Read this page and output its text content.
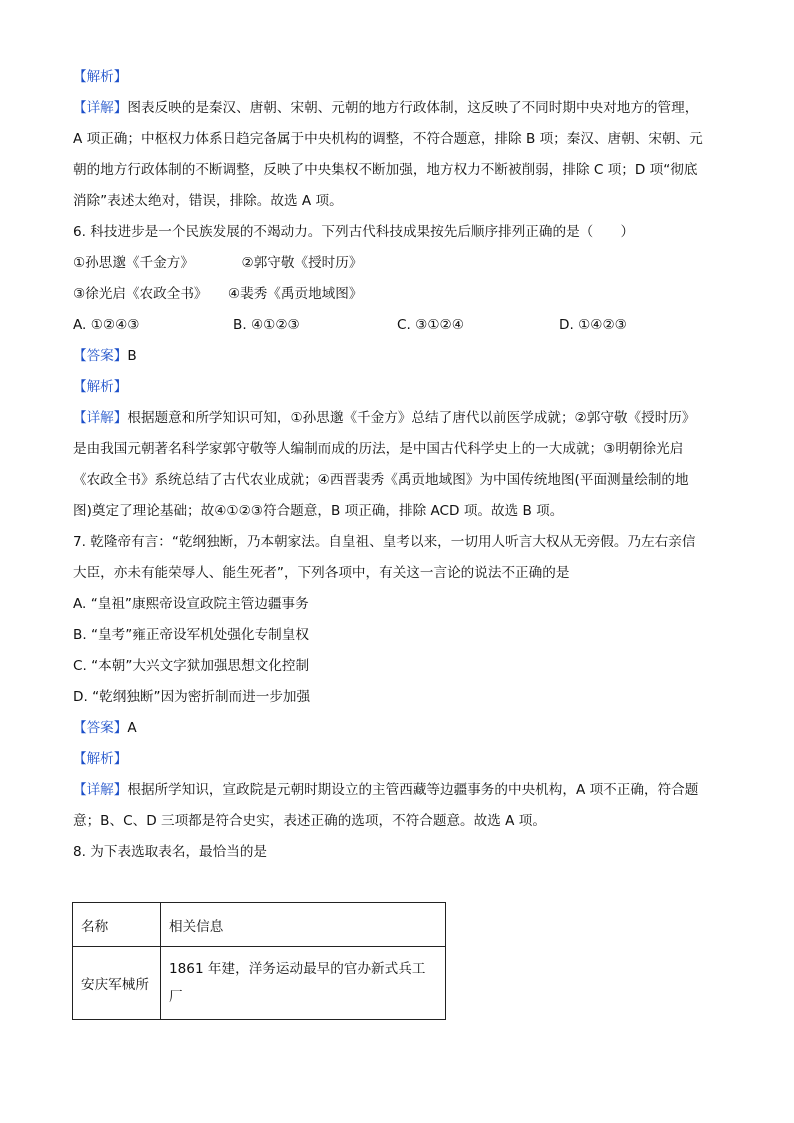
【解析】
【详解】图表反映的是秦汉、唐朝、宋朝、元朝的地方行政体制，这反映了不同时期中央对地方的管理，
A 项正确；中枢权力体系日趋完备属于中央机构的调整，不符合题意，排除 B 项；秦汉、唐朝、宋朝、元
朝的地方行政体制的不断调整，反映了中央集权不断加强，地方权力不断被削弱，排除 C 项；D 项“彻底
消除”表述太绝对，错误，排除。故选 A 项。
6. 科技进步是一个民族发展的不竭动力。下列古代科技成果按先后顺序排列正确的是（　　）
①孙思邈《千金方》　　　　②郭守敬《授时历》
③徐光启《农政全书》　　④裴秀《禹贡地域图》
A. ①②④③	B. ④①②③	C. ③①②④	D. ①④②③
【答案】B
【解析】
【详解】根据题意和所学知识可知，①孙思邈《千金方》总结了唐代以前医学成就；②郭守敬《授时历》
是由我国元朝著名科学家郭守敬等人编制而成的历法，是中国古代科学史上的一大成就；③明朝徐光启
《农政全书》系统总结了古代农业成就；④西晋裴秀《禹贡地域图》为中国传统地图(平面测量绘制的地
图)奠定了理论基础；故④①②③符合题意，B 项正确，排除 ACD 项。故选 B 项。
7. 乾隆帝有言：“乾纲独断，乃本朝家法。自皇祖、皇考以来，一切用人听言大权从无旁假。乃左右亲信
大臣，亦未有能荣辱人、能生死者”，下列各项中，有关这一言论的说法不正确的是
A. “皇祖”康熙帝设宣政院主管边疆事务
B. “皇考”雍正帝设军机处强化专制皇权
C. “本朝”大兴文字狱加强思想文化控制
D. “乾纲独断”因为密折制而进一步加强
【答案】A
【解析】
【详解】根据所学知识，宣政院是元朝时期设立的主管西藏等边疆事务的中央机构，A 项不正确，符合题
意；B、C、D 三项都是符合史实，表述正确的选项，不符合题意。故选 A 项。
8. 为下表选取表名，最恰当的是
名称	相关信息
安庆军械所	1861 年建，洋务运动最早的官办新式兵工
厂
